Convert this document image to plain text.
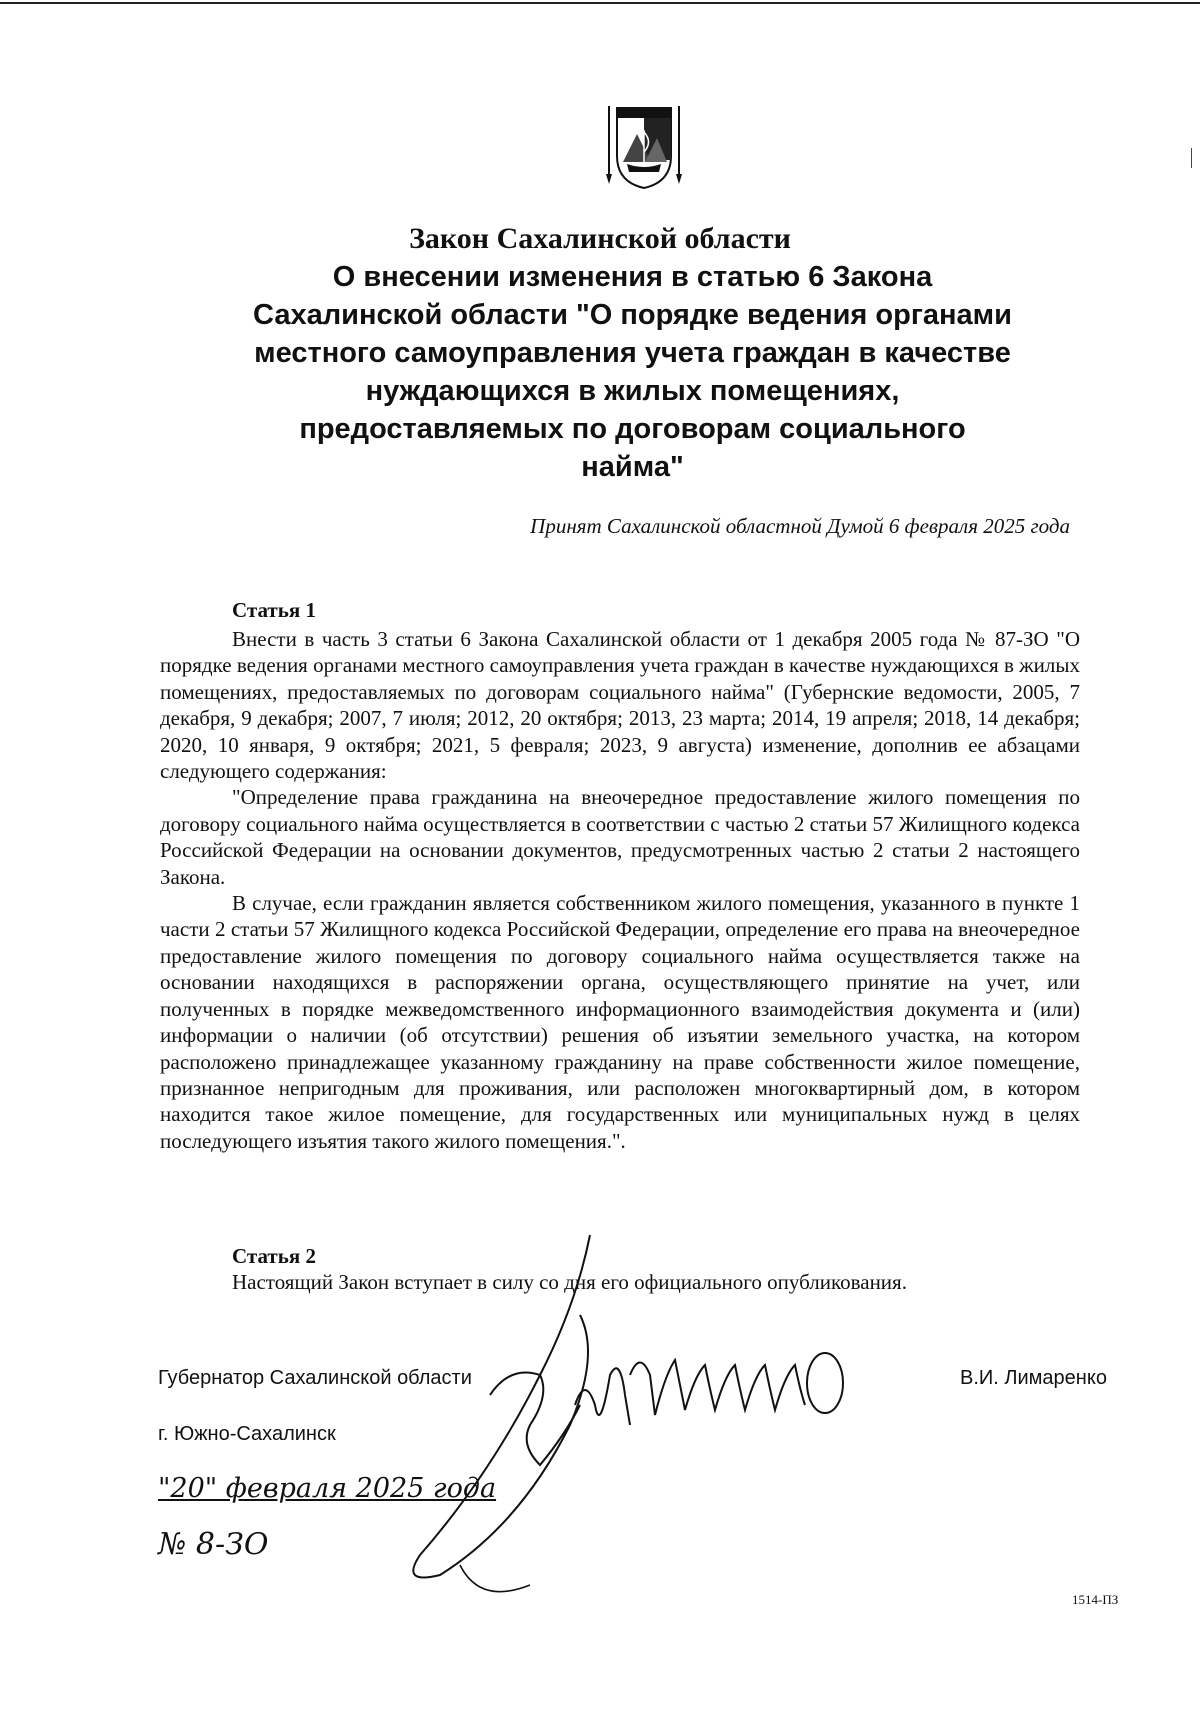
Закон Сахалинской области
О внесении изменения в статью 6 Закона
Сахалинской области "О порядке ведения органами
местного самоуправления учета граждан в качестве
нуждающихся в жилых помещениях,
предоставляемых по договорам социального
найма"
Принят Сахалинской областной Думой 6 февраля 2025 года
Статья 1

Внести в часть 3 статьи 6 Закона Сахалинской области от 1 декабря 2005 года № 87-ЗО "О порядке ведения органами местного самоуправления учета граждан в качестве нуждающихся в жилых помещениях, предоставляемых по договорам социального найма" (Губернские ведомости, 2005, 7 декабря, 9 декабря; 2007, 7 июля; 2012, 20 октября; 2013, 23 марта; 2014, 19 апреля; 2018, 14 декабря; 2020, 10 января, 9 октября; 2021, 5 февраля; 2023, 9 августа) изменение, дополнив ее абзацами следующего содержания:

"Определение права гражданина на внеочередное предоставление жилого помещения по договору социального найма осуществляется в соответствии с частью 2 статьи 57 Жилищного кодекса Российской Федерации на основании документов, предусмотренных частью 2 статьи 2 настоящего Закона.

В случае, если гражданин является собственником жилого помещения, указанного в пункте 1 части 2 статьи 57 Жилищного кодекса Российской Федерации, определение его права на внеочередное предоставление жилого помещения по договору социального найма осуществляется также на основании находящихся в распоряжении органа, осуществляющего принятие на учет, или полученных в порядке межведомственного информационного взаимодействия документа и (или) информации о наличии (об отсутствии) решения об изъятии земельного участка, на котором расположено принадлежащее указанному гражданину на праве собственности жилое помещение, признанное непригодным для проживания, или расположен многоквартирный дом, в котором находится такое жилое помещение, для государственных или муниципальных нужд в целях последующего изъятия такого жилого помещения.".

Статья 2
Настоящий Закон вступает в силу со дня его официального опубликования.
Губернатор Сахалинской области	В.И. Лимаренко
г. Южно-Сахалинск
"20" февраля 2025 года
№ 8-ЗО
1514-ПЗ
